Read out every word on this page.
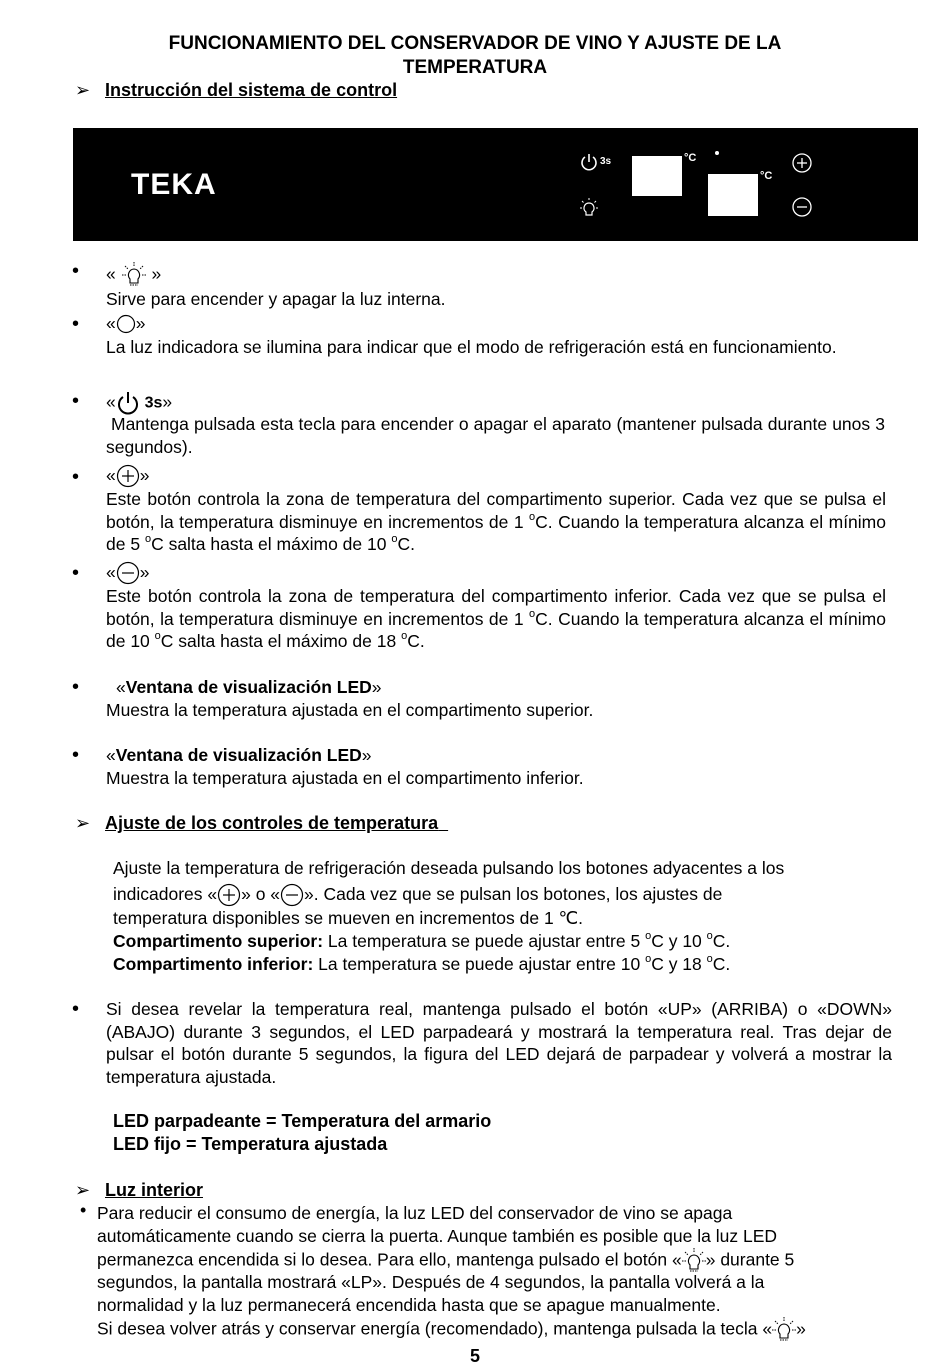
FUNCIONAMIENTO DEL CONSERVADOR DE VINO Y AJUSTE DE LA
TEMPERATURA
➢ Instrucción del sistema de control
TEKA
3s	°C
°C
• «  »
Sirve para encender y apagar la luz interna.
• « »
La luz indicadora se ilumina para indicar que el modo de refrigeración está en funcionamiento.
• « 3s»
Mantenga pulsada esta tecla para encender o apagar el aparato (mantener pulsada durante unos 3 segundos).
• « »
Este botón controla la zona de temperatura del compartimento superior. Cada vez que se pulsa el botón, la temperatura disminuye en incrementos de 1 $^o$C. Cuando la temperatura alcanza el mínimo de 5 $^o$C salta hasta el máximo de 10 $^o$C.
• « »
Este botón controla la zona de temperatura del compartimento inferior. Cada vez que se pulsa el botón, la temperatura disminuye en incrementos de 1 $^o$C. Cuando la temperatura alcanza el mínimo de 10 $^o$C salta hasta el máximo de 18 $^o$C.
• «Ventana de visualización LED»
Muestra la temperatura ajustada en el compartimento superior.
• «Ventana de visualización LED»
Muestra la temperatura ajustada en el compartimento inferior.
➢ Ajuste de los controles de temperatura
Ajuste la temperatura de refrigeración deseada pulsando los botones adyacentes a los
indicadores « » o « ». Cada vez que se pulsan los botones, los ajustes de
temperatura disponibles se mueven en incrementos de 1 ℃.
Compartimento superior: La temperatura se puede ajustar entre 5 $^o$C y 10 $^o$C.
Compartimento inferior: La temperatura se puede ajustar entre 10 $^o$C y 18 $^o$C.
• Si desea revelar la temperatura real, mantenga pulsado el botón «UP» (ARRIBA) o «DOWN» (ABAJO) durante 3 segundos, el LED parpadeará y mostrará la temperatura real. Tras dejar de pulsar el botón durante 5 segundos, la figura del LED dejará de parpadear y volverá a mostrar la temperatura ajustada.
LED parpadeante = Temperatura del armario
LED fijo = Temperatura ajustada
➢ Luz interior
• Para reducir el consumo de energía, la luz LED del conservador de vino se apaga
automáticamente cuando se cierra la puerta. Aunque también es posible que la luz LED
permanezca encendida si lo desea. Para ello, mantenga pulsado el botón « » durante 5
segundos, la pantalla mostrará «LP». Después de 4 segundos, la pantalla volverá a la
normalidad y la luz permanecerá encendida hasta que se apague manualmente.
Si desea volver atrás y conservar energía (recomendado), mantenga pulsada la tecla « »
5
